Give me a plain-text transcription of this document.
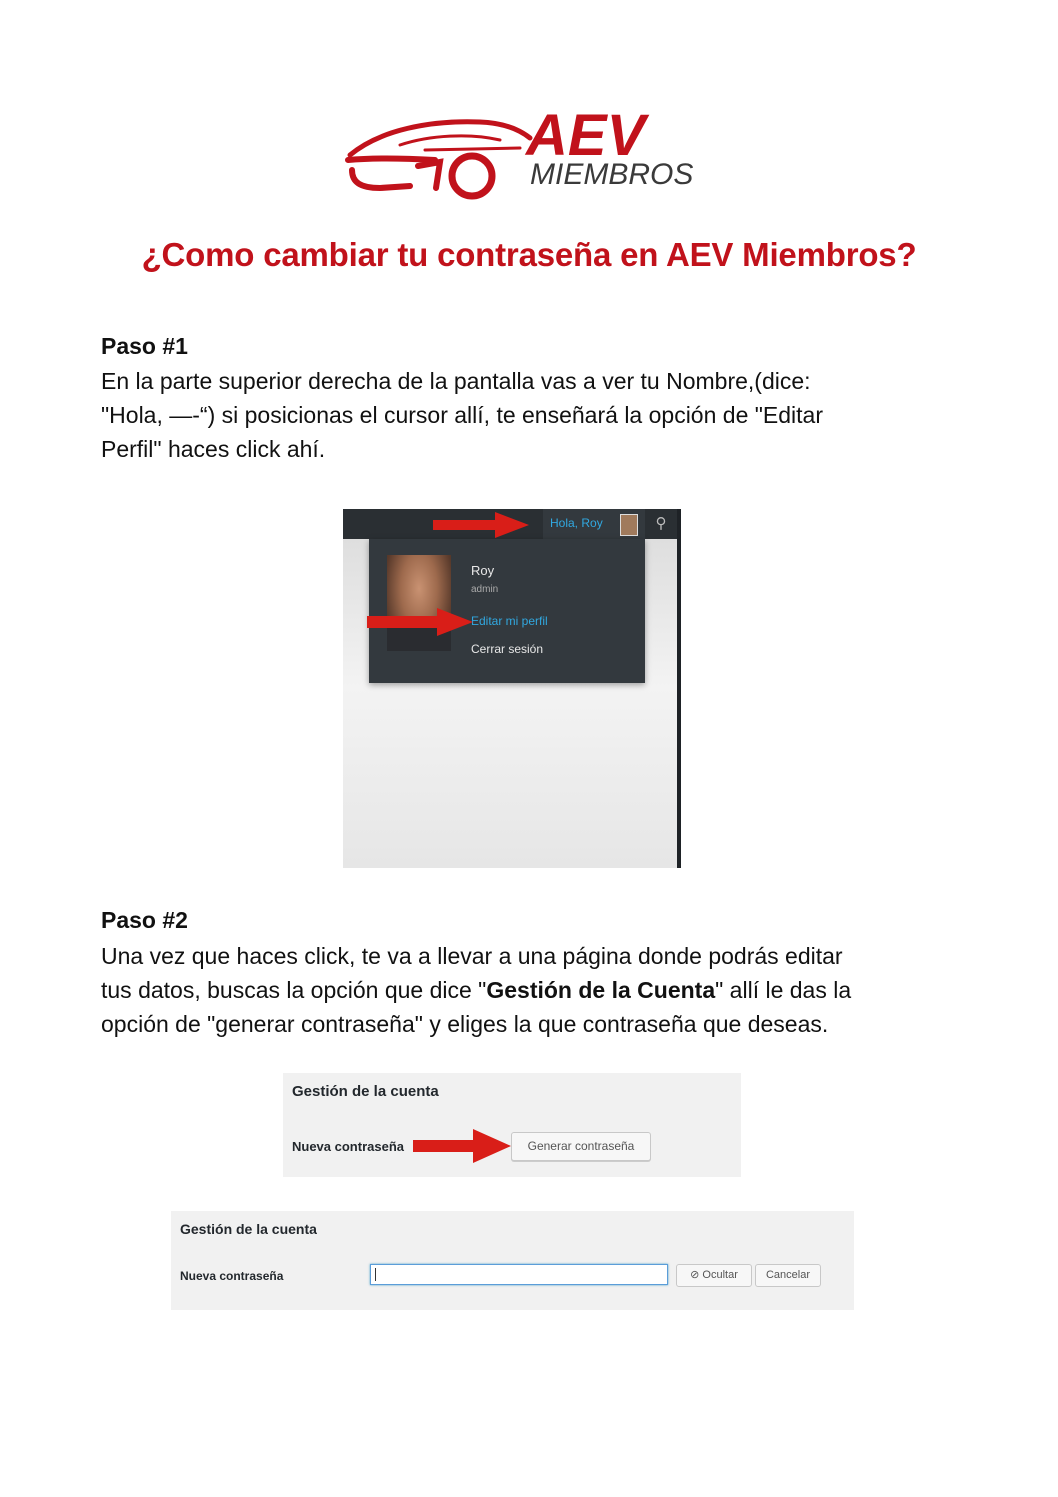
AEV
MIEMBROS
¿Como cambiar tu contraseña en AEV Miembros?
Paso #1
En la parte superior derecha de la pantalla vas a ver tu Nombre,(dice:
"Hola, —-“) si posicionas el cursor allí, te enseñará la opción de "Editar
Perfil" haces click ahí.
Hola, Roy	⚲
Roy
admin
Editar mi perfil
Cerrar sesión
Paso #2
Una vez que haces click, te va a llevar a una página donde podrás editar
tus datos, buscas la opción que dice "Gestión de la Cuenta" allí le das la
opción de "generar contraseña" y eliges la que contraseña que deseas.
Gestión de la cuenta
Nueva contraseña	Generar contraseña
Gestión de la cuenta
Nueva contraseña	⊘ Ocultar	Cancelar
